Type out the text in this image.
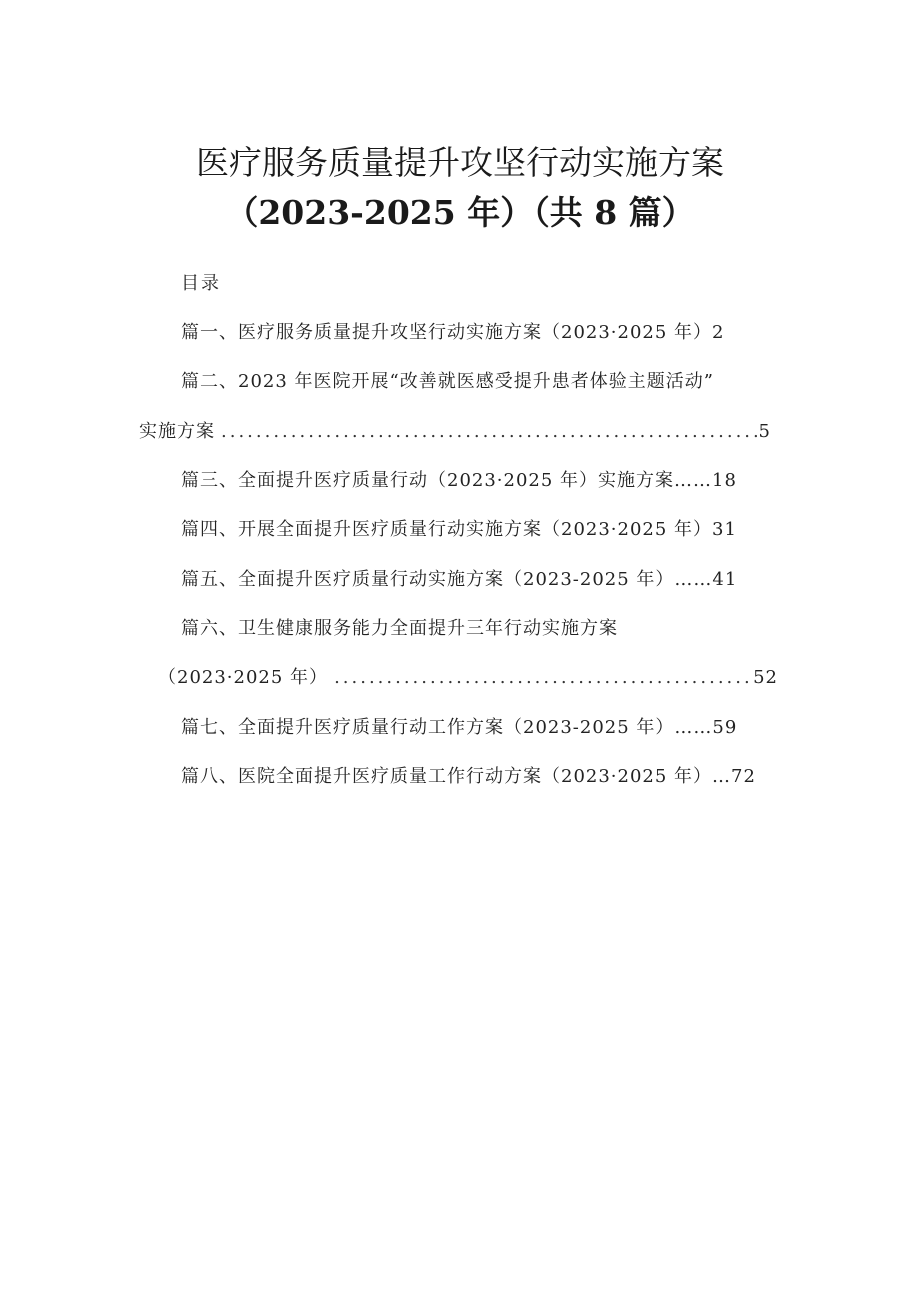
医疗服务质量提升攻坚行动实施方案
（2023-2025 年）（共 8 篇）
目录
篇一、医疗服务质量提升攻坚行动实施方案（2023·2025 年）2
篇二、2023 年医院开展“改善就医感受提升患者体验主题活动”
实施方案 .....	5
篇三、全面提升医疗质量行动（2023·2025 年）实施方案……18
篇四、开展全面提升医疗质量行动实施方案（2023·2025 年）31
篇五、全面提升医疗质量行动实施方案（2023-2025 年）……41
篇六、卫生健康服务能力全面提升三年行动实施方案
（2023·2025 年） .....	52
篇七、全面提升医疗质量行动工作方案（2023-2025 年）……59
篇八、医院全面提升医疗质量工作行动方案（2023·2025 年）…72
